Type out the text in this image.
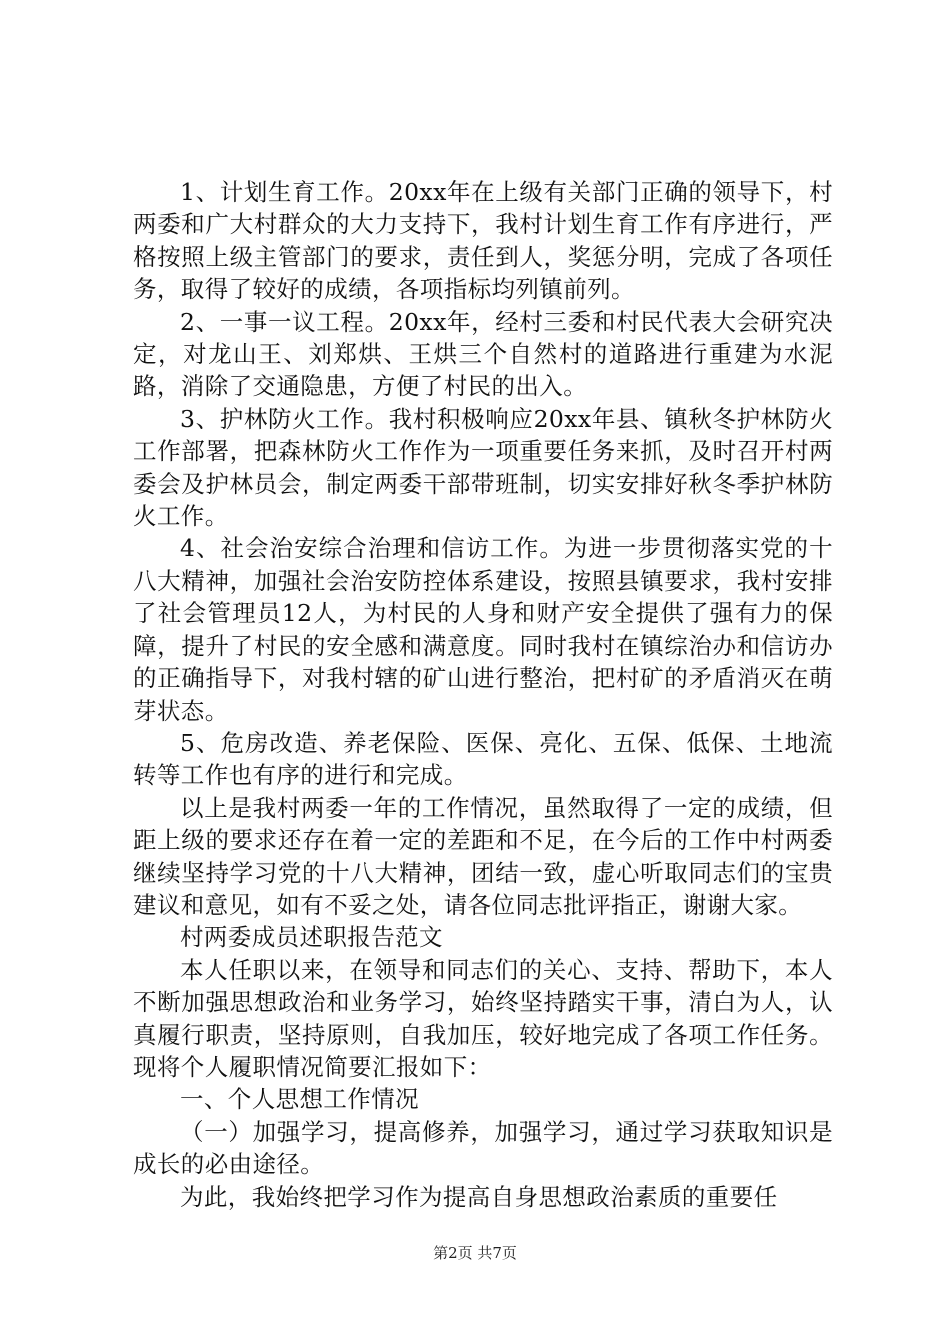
1、计划生育工作。20xx年在上级有关部门正确的领导下，村两委和广大村群众的大力支持下，我村计划生育工作有序进行，严格按照上级主管部门的要求，责任到人，奖惩分明，完成了各项任务，取得了较好的成绩，各项指标均列镇前列。

2、一事一议工程。20xx年，经村三委和村民代表大会研究决定，对龙山王、刘郑烘、王烘三个自然村的道路进行重建为水泥路，消除了交通隐患，方便了村民的出入。

3、护林防火工作。我村积极响应20xx年县、镇秋冬护林防火工作部署，把森林防火工作作为一项重要任务来抓，及时召开村两委会及护林员会，制定两委干部带班制，切实安排好秋冬季护林防火工作。

4、社会治安综合治理和信访工作。为进一步贯彻落实党的十八大精神，加强社会治安防控体系建设，按照县镇要求，我村安排了社会管理员12人，为村民的人身和财产安全提供了强有力的保障，提升了村民的安全感和满意度。同时我村在镇综治办和信访办的正确指导下，对我村辖的矿山进行整治，把村矿的矛盾消灭在萌芽状态。

5、危房改造、养老保险、医保、亮化、五保、低保、土地流转等工作也有序的进行和完成。

以上是我村两委一年的工作情况，虽然取得了一定的成绩，但距上级的要求还存在着一定的差距和不足，在今后的工作中村两委继续坚持学习党的十八大精神，团结一致，虚心听取同志们的宝贵建议和意见，如有不妥之处，请各位同志批评指正，谢谢大家。

村两委成员述职报告范文

本人任职以来，在领导和同志们的关心、支持、帮助下，本人不断加强思想政治和业务学习，始终坚持踏实干事，清白为人，认真履行职责，坚持原则，自我加压，较好地完成了各项工作任务。现将个人履职情况简要汇报如下：

一、个人思想工作情况

（一）加强学习，提高修养，加强学习，通过学习获取知识是成长的必由途径。

为此，我始终把学习作为提高自身思想政治素质的重要任

第2页 共7页
